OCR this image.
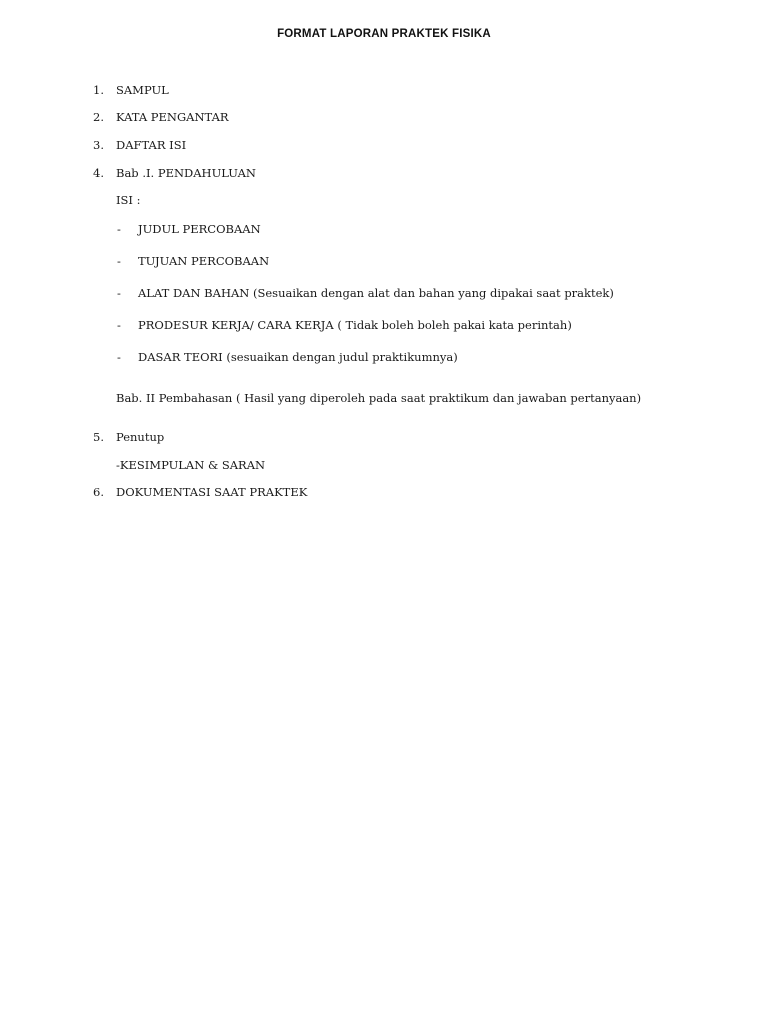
FORMAT LAPORAN PRAKTEK FISIKA
1. SAMPUL
2. KATA PENGANTAR
3. DAFTAR ISI
4. Bab .I. PENDAHULUAN
ISI :
- JUDUL PERCOBAAN
- TUJUAN PERCOBAAN
- ALAT DAN BAHAN (Sesuaikan dengan alat dan bahan yang dipakai saat praktek)
- PRODESUR KERJA/ CARA KERJA ( Tidak boleh boleh pakai kata perintah)
- DASAR TEORI (sesuaikan dengan judul praktikumnya)
Bab. II Pembahasan ( Hasil yang diperoleh pada saat praktikum dan jawaban pertanyaan)
5. Penutup
-KESIMPULAN & SARAN
6. DOKUMENTASI SAAT PRAKTEK
